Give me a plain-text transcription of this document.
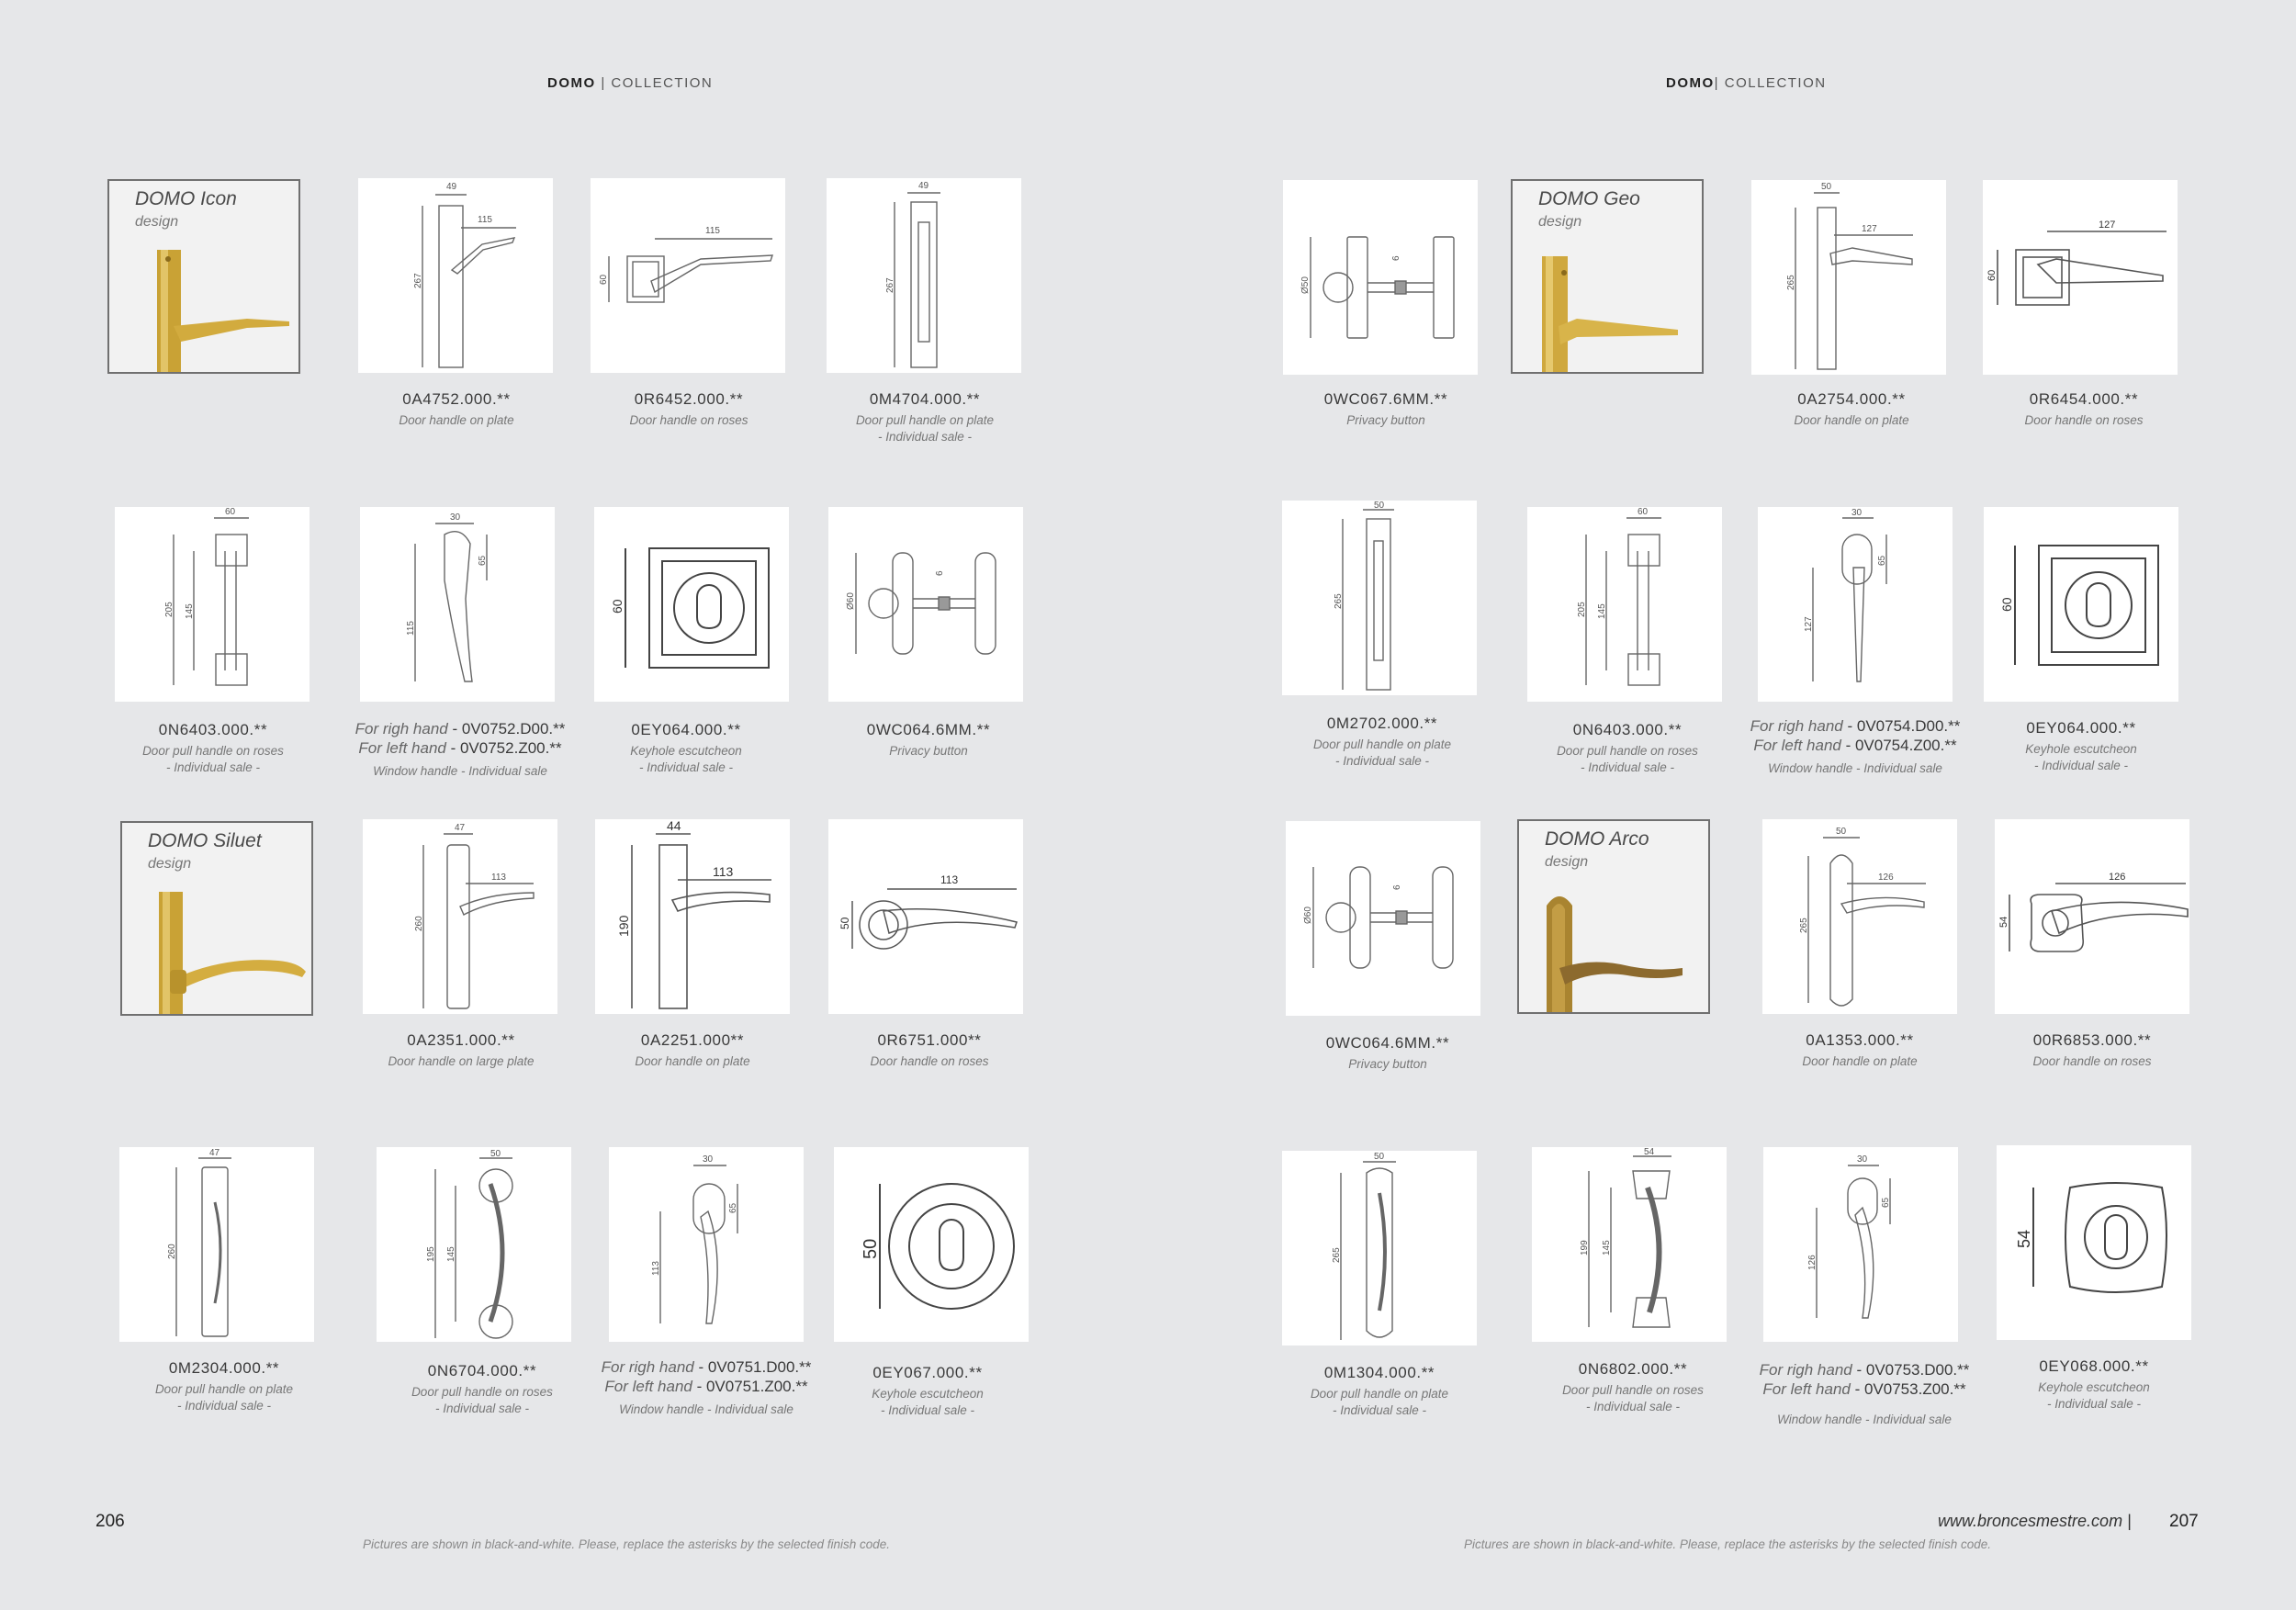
DOMO | COLLECTION	DOMO| COLLECTION
DOMO Icon
design
267
49
115
115
60
49
267
0A4752.000.**
Door handle on plate
0R6452.000.**
Door handle on roses
0M4704.000.**
Door pull handle on plate
- Individual sale -
60
205 145
30
115
65
60	Ø60
6
0N6403.000.**
Door pull handle on roses
- Individual sale -
For righ hand - 0V0752.D00.**
For left hand - 0V0752.Z00.**
Window handle - Individual sale
0EY064.000.**
Keyhole escutcheon
- Individual sale -
0WC064.6MM.**
Privacy button
DOMO Siluet
design
47
113
260
44
113
190
113
50
0A2351.000.**
Door handle on large plate
0A2251.000**
Door handle on plate
0R6751.000**
Door handle on roses
47
260
50
195 145
30
113
65
50
0M2304.000.**
Door pull handle on plate
- Individual sale -
0N6704.000.**
Door pull handle on roses
- Individual sale -
For righ hand - 0V0751.D00.**
For left hand - 0V0751.Z00.**
Window handle - Individual sale
0EY067.000.**
Keyhole escutcheon
- Individual sale -
Ø50
6
DOMO Geo
design
50
127
265
127
60
0WC067.6MM.**
Privacy button
0A2754.000.**
Door handle on plate
0R6454.000.**
Door handle on roses
50
265
60
205 145
30
127
65
60
0M2702.000.**
Door pull handle on plate
- Individual sale -
0N6403.000.**
Door pull handle on roses
- Individual sale -
For righ hand - 0V0754.D00.**
For left hand - 0V0754.Z00.**
Window handle - Individual sale
0EY064.000.**
Keyhole escutcheon
- Individual sale -
Ø60
6
DOMO Arco
design
50
126
265
126
54
0WC064.6MM.**
Privacy button
0A1353.000.**
Door handle on plate
00R6853.000.**
Door handle on roses
50
265
54
199 145
30
126
65
54
0M1304.000.**
Door pull handle on plate
- Individual sale -
0N6802.000.**
Door pull handle on roses
- Individual sale -
For righ hand - 0V0753.D00.**
For left hand - 0V0753.Z00.**
Window handle - Individual sale
0EY068.000.**
Keyhole escutcheon
- Individual sale -
206
Pictures are shown in black-and-white. Please, replace the asterisks by the selected finish code.
www.broncesmestre.com | 207
Pictures are shown in black-and-white. Please, replace the asterisks by the selected finish code.
